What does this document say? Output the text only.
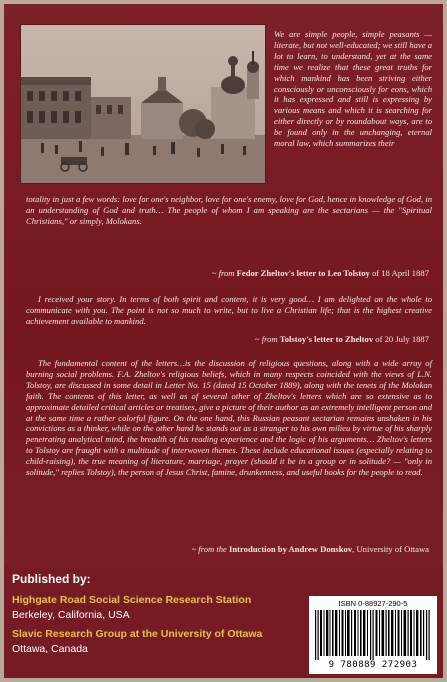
We are simple people, simple peasants — literate, but not well-educated; we still have a lot to learn, to understand, yet at the same time we realize that these great truths for which mankind has been striving either consciously or unconsciously for eons, which it has expressed and still is expressing by various means and which it is searching for either directly or by roundabout ways, are to be found only in the unchanging, eternal moral law, which summarizes their
totality in just a few words: love for one's neighbor, love for one's enemy, love for God, hence in knowledge of God, in an understanding of God and truth… The people of whom I am speaking are the sectarians — the "Spiritual Christians," or simply, Molokans.
~ from Fedor Zheltov's letter to Leo Tolstoy of 18 April 1887
I received your story. In terms of both spirit and content, it is very good… I am delighted on the whole to communicate with you. The point is not so much to write, but to live a Christian life; that is the highest creative achievement available to mankind.
~ from Tolstoy's letter to Zheltov of 20 July 1887
The fundamental content of the letters…is the discussion of religious questions, along with a wide array of burning social problems. F.A. Zheltov's religious beliefs, which in many respects coincided with the views of L.N. Tolstoy, are discussed in some detail in Letter No. 15 (dated 15 October 1889), along with the tenets of the Molokan faith. The contents of this letter, as well as of several other of Zheltov's letters which are so extensive as to approximate detailed critical articles or treatises, give a picture of their author as an extremely intelligent person and at the same time a rather colorful figure. On the one hand, this Russian peasant sectarian remains unshaken in his convictions as a thinker, while on the other hand he stands out as a stranger to his own milieu by virtue of his sharply penetrating analytical mind, the breadth of his reading experience and the logic of his arguments… Zheltov's letters to Tolstoy are fraught with a multitude of interwoven themes. These include educational issues (especially relating to child-raising), the true meaning of literature, marriage, prayer (should it be in a group or in solitude? — "only in solitude," replies Tolstoy), the person of Jesus Christ, famine, drunkenness, and useful books for the people to read.
~ from the Introduction by Andrew Donskov, University of Ottawa
Published by:
Highgate Road Social Science Research Station
Berkeley, California, USA
Slavic Research Group at the University of Ottawa
Ottawa, Canada
ISBN 0-88927-290-5
9 780889 272903
